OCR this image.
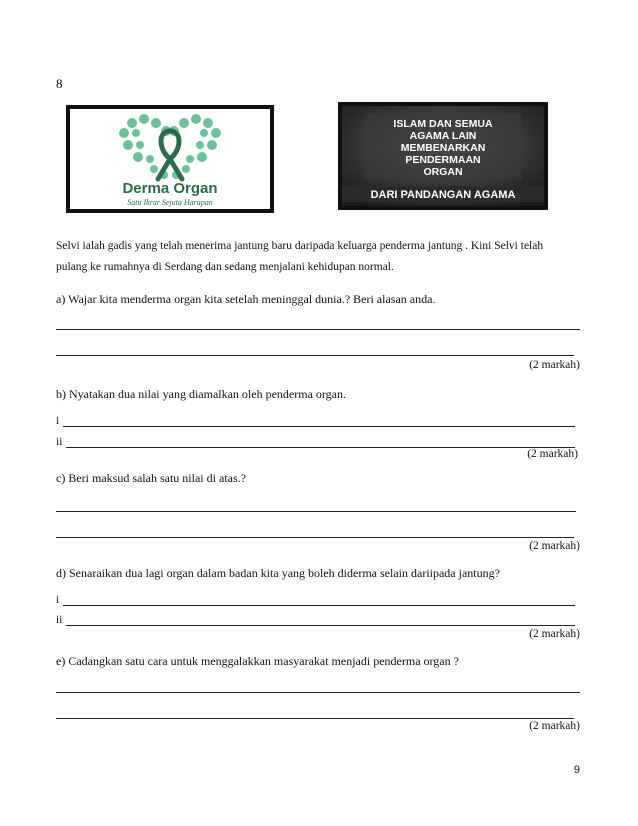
8
Derma Organ
Satu Ikrar Sejuta Harapan
ISLAM DAN SEMUA
AGAMA LAIN
MEMBENARKAN
PENDERMAAN
ORGAN
DARI PANDANGAN AGAMA
Selvi ialah gadis yang telah menerima jantung baru daripada keluarga penderma jantung . Kini Selvi telah
pulang ke rumahnya di Serdang dan sedang menjalani kehidupan normal.
a) Wajar kita menderma organ kita setelah meninggal dunia.? Beri alasan anda.
(2 markah)
b) Nyatakan dua nilai yang diamalkan oleh penderma organ.
i
ii
(2 markah)
c) Beri maksud salah satu nilai di atas.?
(2 markah)
d) Senaraikan dua lagi organ dalam badan kita yang boleh diderma selain dariipada jantung?
i
ii
(2 markah)
e) Cadangkan satu cara untuk menggalakkan masyarakat menjadi penderma organ ?
(2 markah)
9
